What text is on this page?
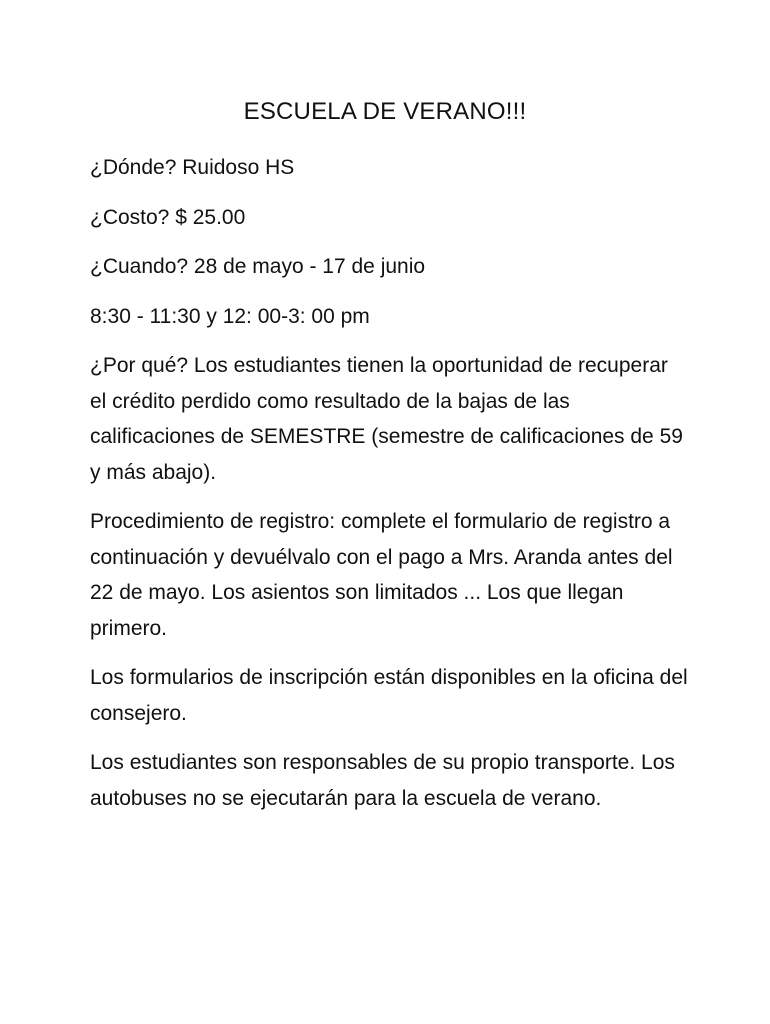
ESCUELA DE VERANO!!!

¿Dónde? Ruidoso HS

¿Costo? $ 25.00

¿Cuando? 28 de mayo - 17 de junio

8:30 - 11:30 y 12: 00-3: 00 pm

¿Por qué? Los estudiantes tienen la oportunidad de recuperar el crédito perdido como resultado de la bajas de las calificaciones de SEMESTRE (semestre de calificaciones de 59 y más abajo).

Procedimiento de registro: complete el formulario de registro a continuación y devuélvalo con el pago a Mrs. Aranda antes del 22 de mayo. Los asientos son limitados ... Los que llegan primero.

Los formularios de inscripción están disponibles en la oficina del consejero.

Los estudiantes son responsables de su propio transporte. Los autobuses no se ejecutarán para la escuela de verano.
